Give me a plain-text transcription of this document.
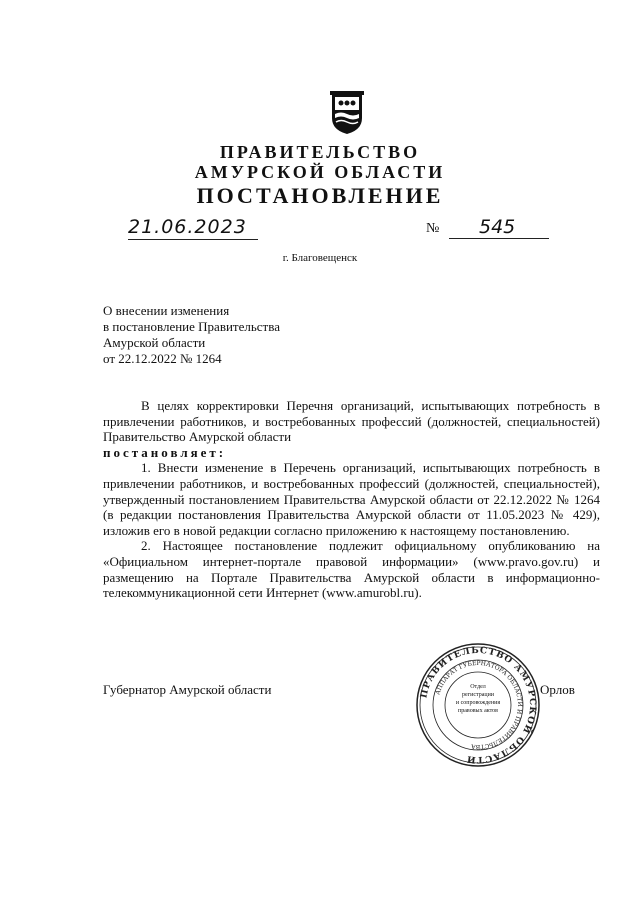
ПРАВИТЕЛЬСТВО
АМУРСКОЙ ОБЛАСТИ
ПОСТАНОВЛЕНИЕ
21.06.2023	№	545
г. Благовещенск
О внесении изменения
в постановление Правительства
Амурской области
от 22.12.2022 № 1264

В целях корректировки Перечня организаций, испытывающих потребность в привлечении работников, и востребованных профессий (должностей, специальностей) Правительство Амурской области

постановляет:

1. Внести изменение в Перечень организаций, испытывающих потребность в привлечении работников, и востребованных профессий (должностей, специальностей), утвержденный постановлением Правительства Амурской области от 22.12.2022 № 1264 (в редакции постановления Правительства Амурской области от 11.05.2023 № 429), изложив его в новой редакции согласно приложению к настоящему постановлению.

2. Настоящее постановление подлежит официальному опубликованию на «Официальном интернет-портале правовой информации» (www.pravo.gov.ru) и размещению на Портале Правительства Амурской области в информационно-телекоммуникационной сети Интернет (www.amurobl.ru).

Губернатор Амурской области	Орлов
ПРАВИТЕЛЬСТВО АМУРСКОЙ ОБЛАСТИ
АППАРАТ ГУБЕРНАТОРА ОБЛАСТИ И ПРАВИТЕЛЬСТВА
Отдел
регистрации
и сопровождения
правовых актов
